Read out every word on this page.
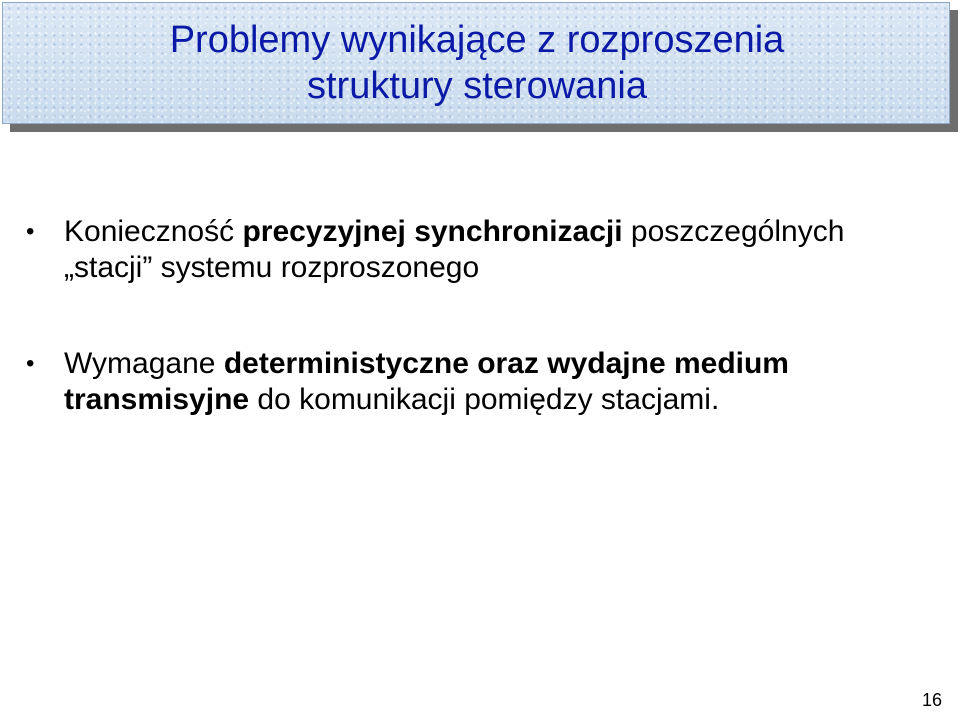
Problemy wynikające z rozproszenia
struktury sterowania
• Konieczność precyzyjnej synchronizacji poszczególnych „stacji” systemu rozproszonego
• Wymagane deterministyczne oraz wydajne medium transmisyjne do komunikacji pomiędzy stacjami.
16
